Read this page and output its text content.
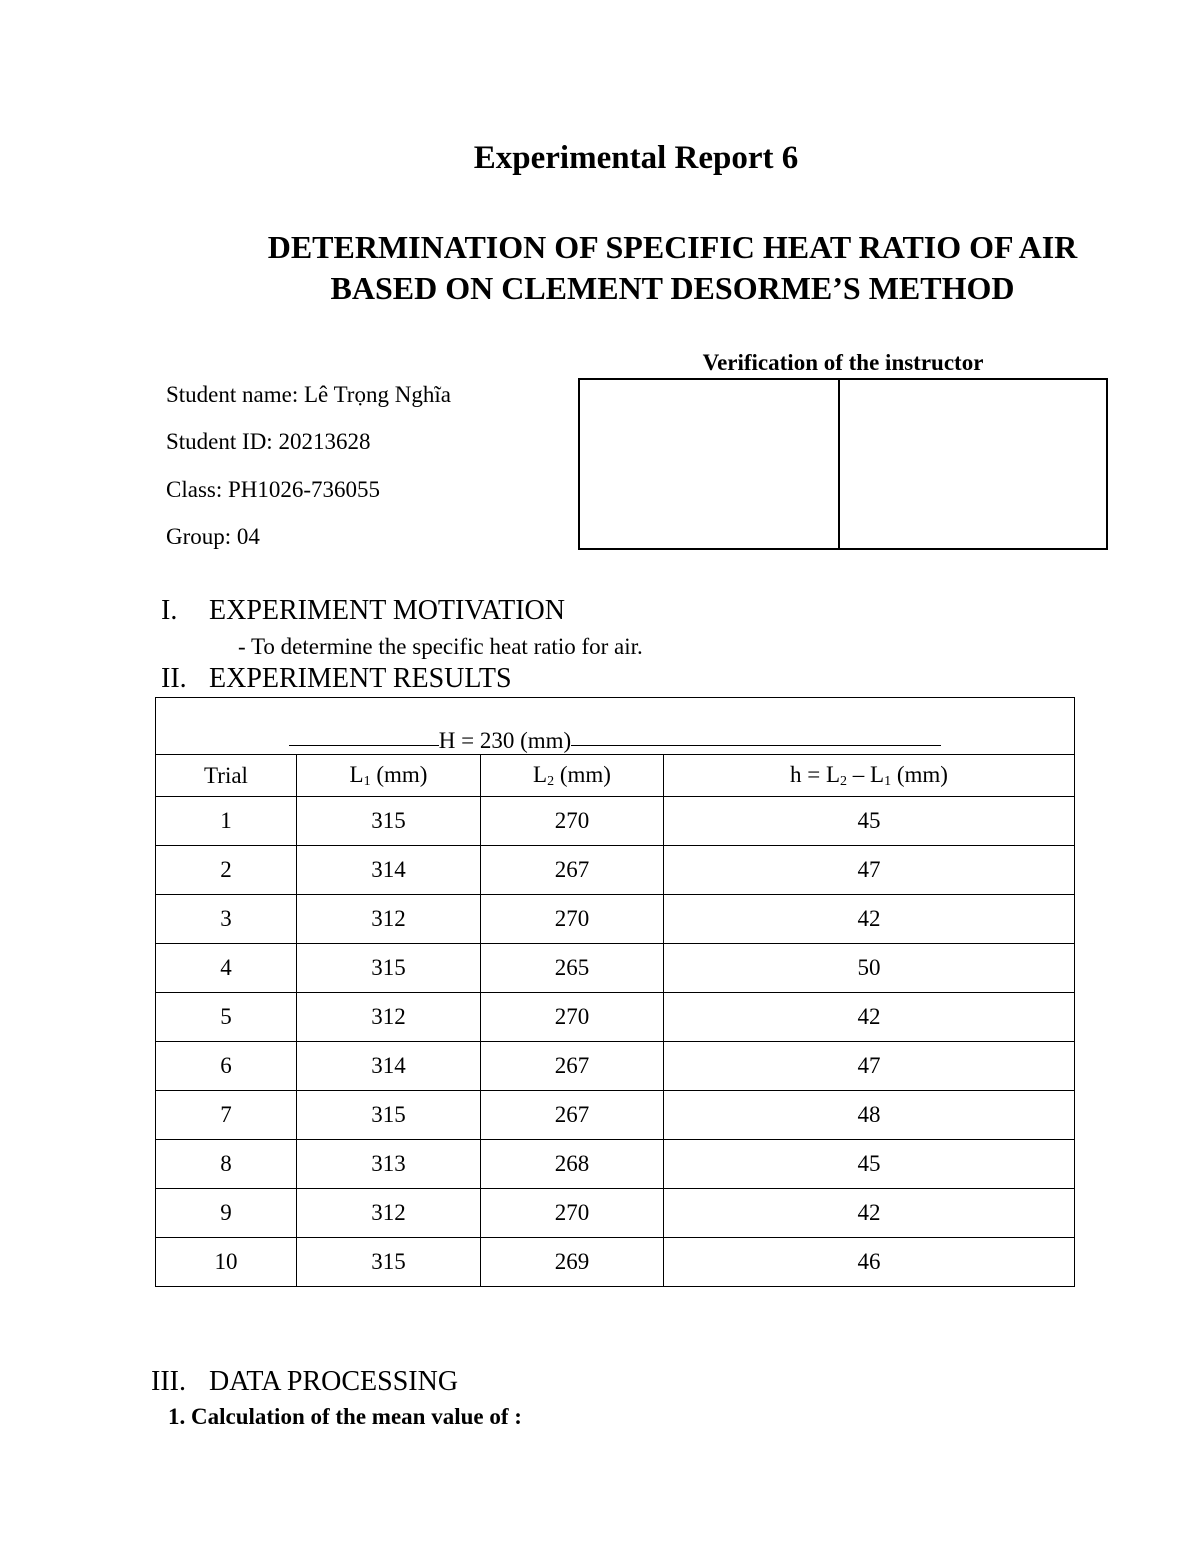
Experimental Report 6
DETERMINATION OF SPECIFIC HEAT RATIO OF AIR
BASED ON CLEMENT DESORME’S METHOD
Verification of the instructor
Student name: Lê Trọng Nghĩa
Student ID: 20213628
Class: PH1026-736055
Group: 04
I. EXPERIMENT MOTIVATION
- To determine the specific heat ratio for air.
II. EXPERIMENT RESULTS
H = 230 (mm)			
Trial	$L_1$ (mm)	$L_2$ (mm)	$h = L_2 - L_1$ (mm)
1	315	270	45
2	314	267	47
3	312	270	42
4	315	265	50
5	312	270	42
6	314	267	47
7	315	267	48
8	313	268	45
9	312	270	42
10	315	269	46
III. DATA PROCESSING
1. Calculation of the mean value of :
